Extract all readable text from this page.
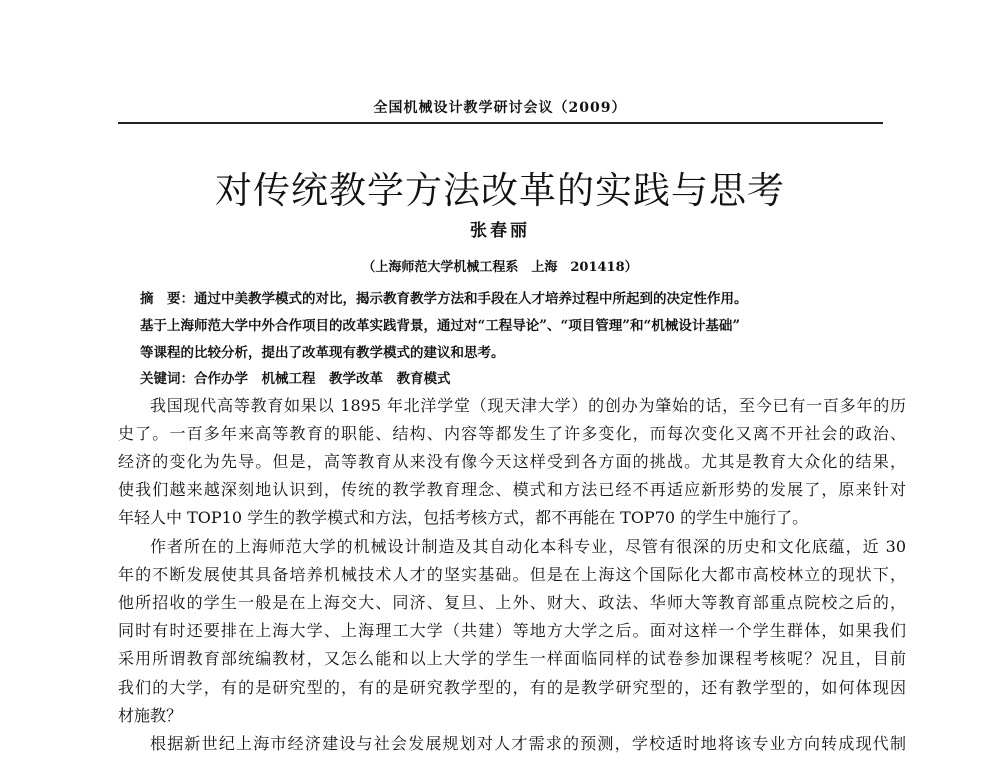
全国机械设计教学研讨会议（2009）
对传统教学方法改革的实践与思考
张春丽
（上海师范大学机械工程系　上海　201418）
摘　要：通过中美教学模式的对比，揭示教育教学方法和手段在人才培养过程中所起到的决定性作用。
基于上海师范大学中外合作项目的改革实践背景，通过对“工程导论”、“项目管理”和“机械设计基础”
等课程的比较分析，提出了改革现有教学模式的建议和思考。
关键词：合作办学　机械工程　教学改革　教育模式
我国现代高等教育如果以 1895 年北洋学堂（现天津大学）的创办为肇始的话，至今已有一百多年的历
史了。一百多年来高等教育的职能、结构、内容等都发生了许多变化，而每次变化又离不开社会的政治、
经济的变化为先导。但是，高等教育从来没有像今天这样受到各方面的挑战。尤其是教育大众化的结果，
使我们越来越深刻地认识到，传统的教学教育理念、模式和方法已经不再适应新形势的发展了，原来针对
年轻人中 TOP10 学生的教学模式和方法，包括考核方式，都不再能在 TOP70 的学生中施行了。
作者所在的上海师范大学的机械设计制造及其自动化本科专业，尽管有很深的历史和文化底蕴，近 30
年的不断发展使其具备培养机械技术人才的坚实基础。但是在上海这个国际化大都市高校林立的现状下，
他所招收的学生一般是在上海交大、同济、复旦、上外、财大、政法、华师大等教育部重点院校之后的，
同时有时还要排在上海大学、上海理工大学（共建）等地方大学之后。面对这样一个学生群体，如果我们
采用所谓教育部统编教材，又怎么能和以上大学的学生一样面临同样的试卷参加课程考核呢？况且，目前
我们的大学，有的是研究型的，有的是研究教学型的，有的是教学研究型的，还有教学型的，如何体现因
材施教？
根据新世纪上海市经济建设与社会发展规划对人才需求的预测，学校适时地将该专业方向转成现代制
